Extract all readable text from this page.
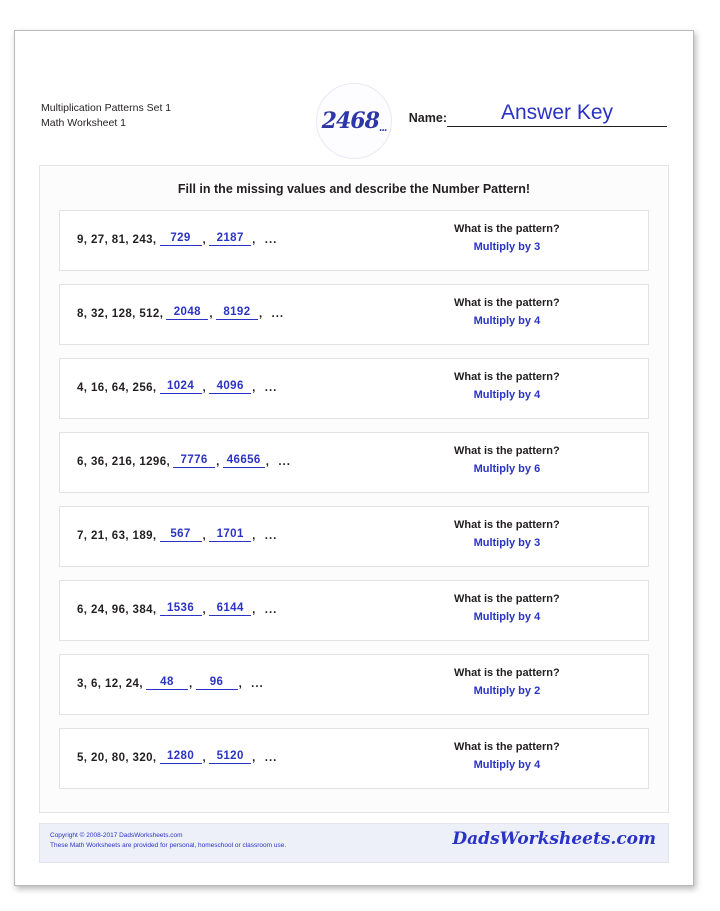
Multiplication Patterns Set 1
Math Worksheet 1	2468...
Name:	Answer Key
Fill in the missing values and describe the Number Pattern!
9, 27, 81, 243,	729	, 2187 , ...
What is the pattern?
Multiply by 3
8, 32, 128, 512, 2048 , 8192 , ...
What is the pattern?
Multiply by 4
4, 16, 64, 256, 1024 , 4096 , ...
What is the pattern?
Multiply by 4
6, 36, 216, 1296, 7776 , 46656 , ...
What is the pattern?
Multiply by 6
7, 21, 63, 189,	567	, 1701 , ...
What is the pattern?
Multiply by 3
6, 24, 96, 384, 1536 , 6144 , ...
What is the pattern?
Multiply by 4
3, 6, 12, 24,	48	,	96	, ...
What is the pattern?
Multiply by 2
5, 20, 80, 320, 1280 , 5120 , ...
What is the pattern?
Multiply by 4
Copyright © 2008-2017 DadsWorksheets.com
These Math Worksheets are provided for personal, homeschool or classroom use.	DadsWorksheets.com
